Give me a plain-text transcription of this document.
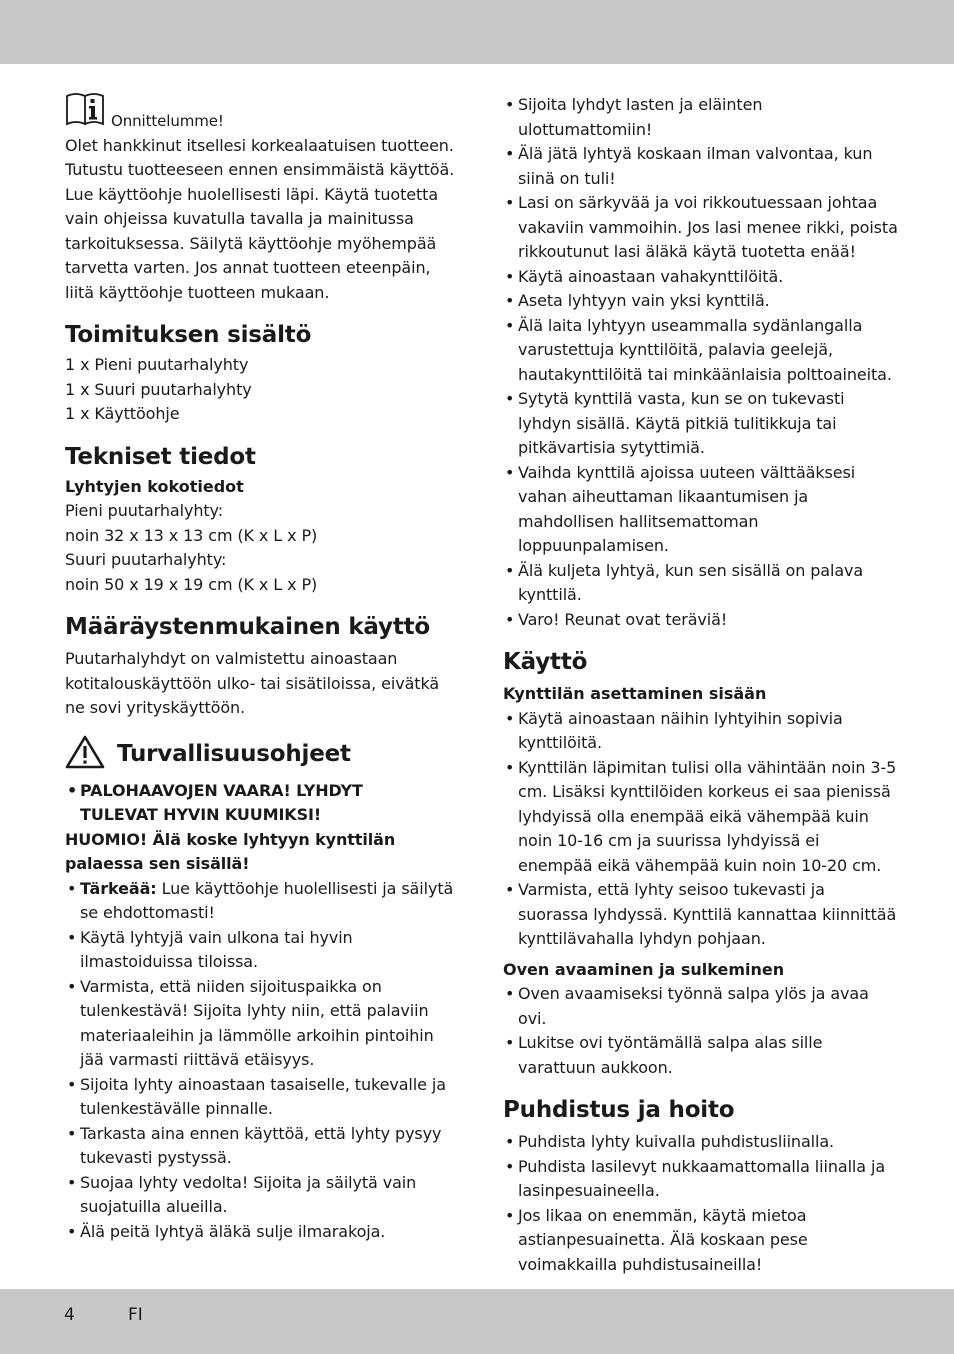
Onnittelumme!

Olet hankkinut itsellesi korkealaatuisen tuotteen. Tutustu tuotteeseen ennen ensimmäistä käyttöä. Lue käyttöohje huolellisesti läpi. Käytä tuotetta vain ohjeissa kuvatulla tavalla ja mainitussa tarkoituksessa. Säilytä käyttöohje myöhempää tarvetta varten. Jos annat tuotteen eteenpäin, liitä käyttöohje tuotteen mukaan.

Toimituksen sisältö
1 x Pieni puutarhalyhty
1 x Suuri puutarhalyhty
1 x Käyttöohje
Tekniset tiedot
Lyhtyjen kokotiedot
Pieni puutarhalyhty:
noin 32 x 13 x 13 cm (K x L x P)
Suuri puutarhalyhty:
noin 50 x 19 x 19 cm (K x L x P)
Määräystenmukainen käyttö

Puutarhalyhdyt on valmistettu ainoastaan kotitalouskäyttöön ulko- tai sisätiloissa, eivätkä ne sovi yrityskäyttöön.

Turvallisuusohjeet
• PALOHAAVOJEN VAARA! LYHDYT TULEVAT HYVIN KUUMIKSI!

HUOMIO! Älä koske lyhtyyn kynttilän palaessa sen sisällä!

• Tärkeää: Lue käyttöohje huolellisesti ja säilytä se ehdottomasti!
• Käytä lyhtyjä vain ulkona tai hyvin ilmastoiduissa tiloissa.
• Varmista, että niiden sijoituspaikka on tulenkestävä! Sijoita lyhty niin, että palaviin materiaaleihin ja lämmölle arkoihin pintoihin jää varmasti riittävä etäisyys.
• Sijoita lyhty ainoastaan tasaiselle, tukevalle ja tulenkestävälle pinnalle.
• Tarkasta aina ennen käyttöä, että lyhty pysyy tukevasti pystyssä.
• Suojaa lyhty vedolta! Sijoita ja säilytä vain suojatuilla alueilla.
• Älä peitä lyhtyä äläkä sulje ilmarakoja.
• Sijoita lyhdyt lasten ja eläinten ulottumattomiin!
• Älä jätä lyhtyä koskaan ilman valvontaa, kun siinä on tuli!
• Lasi on särkyvää ja voi rikkoutuessaan johtaa vakaviin vammoihin. Jos lasi menee rikki, poista rikkoutunut lasi äläkä käytä tuotetta enää!
• Käytä ainoastaan vahakynttilöitä.
• Aseta lyhtyyn vain yksi kynttilä.
• Älä laita lyhtyyn useammalla sydänlangalla varustettuja kynttilöitä, palavia geelejä, hautakynttilöitä tai minkäänlaisia polttoaineita.
• Sytytä kynttilä vasta, kun se on tukevasti lyhdyn sisällä. Käytä pitkiä tulitikkuja tai pitkävartisia sytyttimiä.
• Vaihda kynttilä ajoissa uuteen välttääksesi vahan aiheuttaman likaantumisen ja mahdollisen hallitsemattoman loppuunpalamisen.
• Älä kuljeta lyhtyä, kun sen sisällä on palava kynttilä.
• Varo! Reunat ovat teräviä!
Käyttö
Kynttilän asettaminen sisään
• Käytä ainoastaan näihin lyhtyihin sopivia kynttilöitä.
• Kynttilän läpimitan tulisi olla vähintään noin 3-5 cm. Lisäksi kynttilöiden korkeus ei saa pienissä lyhdyissä olla enempää eikä vähempää kuin noin 10-16 cm ja suurissa lyhdyissä ei enempää eikä vähempää kuin noin 10-20 cm.
• Varmista, että lyhty seisoo tukevasti ja suorassa lyhdyssä. Kynttilä kannattaa kiinnittää kynttilävahalla lyhdyn pohjaan.
Oven avaaminen ja sulkeminen
• Oven avaamiseksi työnnä salpa ylös ja avaa ovi.
• Lukitse ovi työntämällä salpa alas sille varattuun aukkoon.
Puhdistus ja hoito
• Puhdista lyhty kuivalla puhdistusliinalla.
• Puhdista lasilevyt nukkaamattomalla liinalla ja lasinpesuaineella.
• Jos likaa on enemmän, käytä mietoa astianpesuainetta. Älä koskaan pese voimakkailla puhdistusaineilla!
4	FI
